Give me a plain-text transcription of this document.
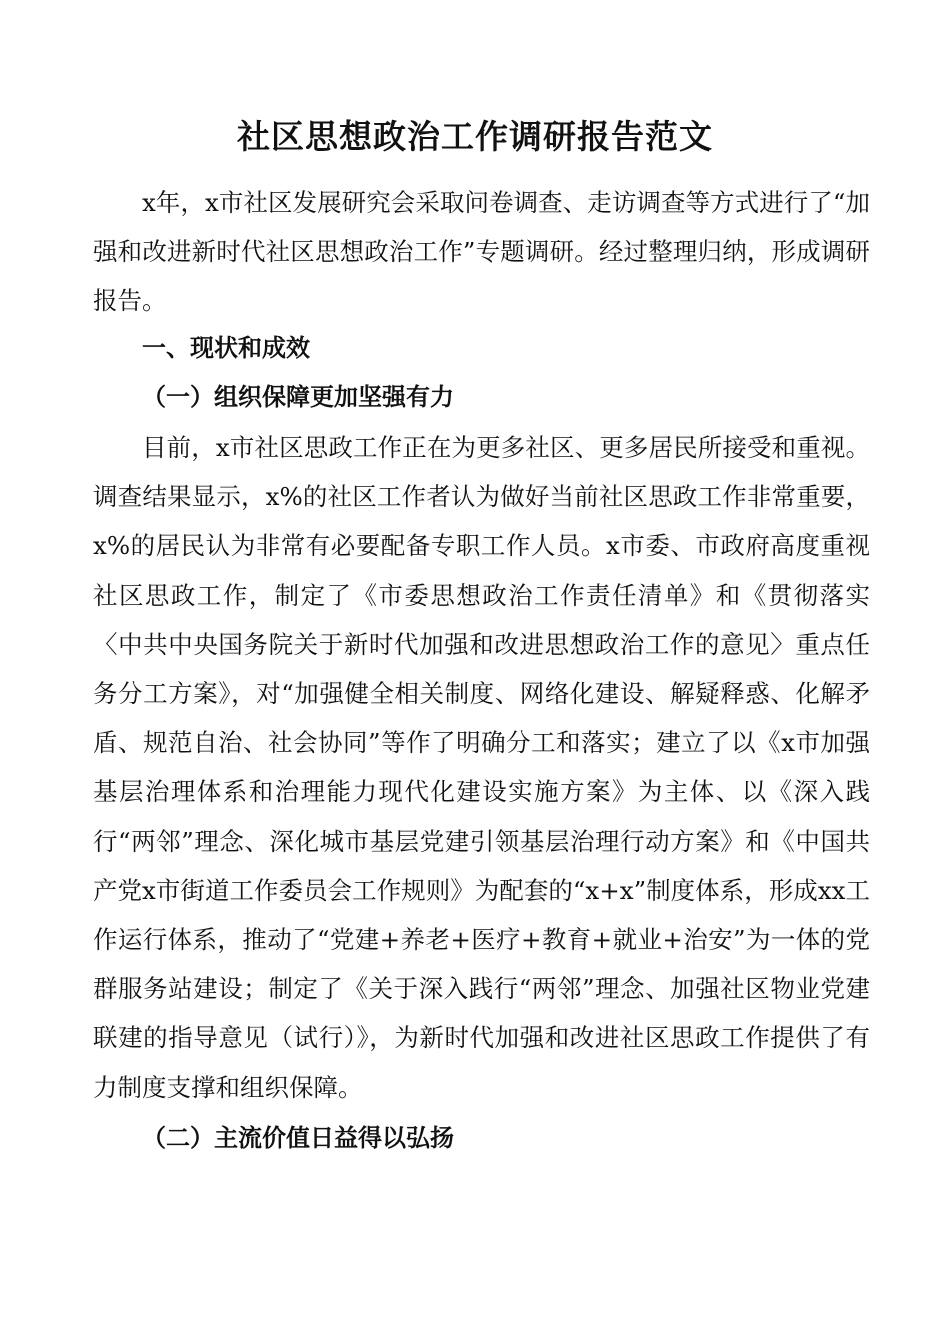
社区思想政治工作调研报告范文
x年，x市社区发展研究会采取问卷调查、走访调查等方式进行了“加强和改进新时代社区思想政治工作”专题调研。经过整理归纳，形成调研报告。
一、现状和成效
（一）组织保障更加坚强有力
目前，x市社区思政工作正在为更多社区、更多居民所接受和重视。调查结果显示，x%的社区工作者认为做好当前社区思政工作非常重要，x%的居民认为非常有必要配备专职工作人员。x市委、市政府高度重视社区思政工作，制定了《市委思想政治工作责任清单》和《贯彻落实〈中共中央国务院关于新时代加强和改进思想政治工作的意见〉重点任务分工方案》，对“加强健全相关制度、网络化建设、解疑释惑、化解矛盾、规范自治、社会协同”等作了明确分工和落实；建立了以《x市加强基层治理体系和治理能力现代化建设实施方案》为主体、以《深入践行“两邻”理念、深化城市基层党建引领基层治理行动方案》和《中国共产党x市街道工作委员会工作规则》为配套的“x+x”制度体系，形成xx工作运行体系，推动了“党建+养老+医疗+教育+就业+治安”为一体的党群服务站建设；制定了《关于深入践行“两邻”理念、加强社区物业党建联建的指导意见（试行）》，为新时代加强和改进社区思政工作提供了有力制度支撑和组织保障。
（二）主流价值日益得以弘扬
